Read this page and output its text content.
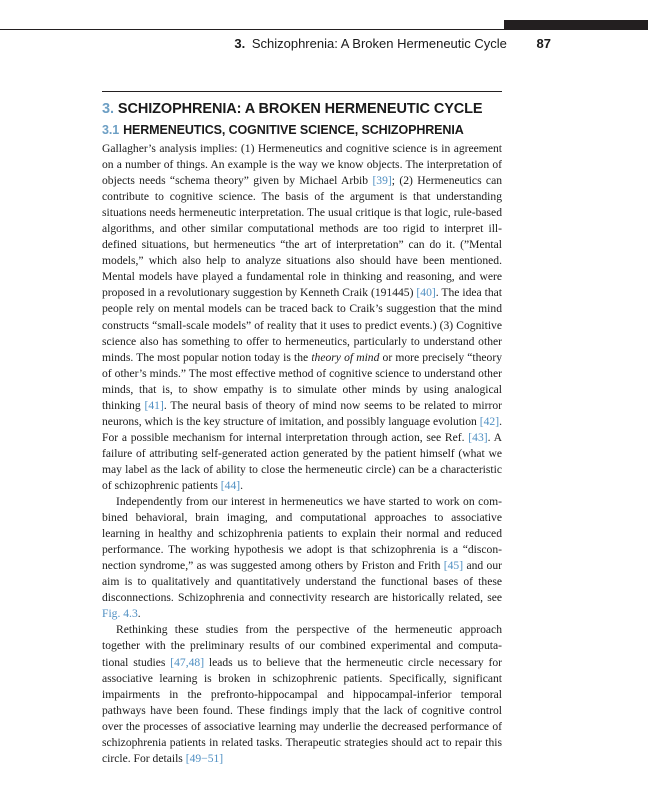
3. Schizophrenia: A Broken Hermeneutic Cycle 87
3. SCHIZOPHRENIA: A BROKEN HERMENEUTIC CYCLE
3.1 HERMENEUTICS, COGNITIVE SCIENCE, SCHIZOPHRENIA

Gallagher’s analysis implies: (1) Hermeneutics and cognitive science is in agreement on a number of things. An example is the way we know objects. The interpretation of objects needs “schema theory” given by Michael Arbib [39]; (2) Hermeneutics can contribute to cognitive science. The basis of the argument is that understanding situations needs hermeneutic interpretation. The usual critique is that logic, rule-based algorithms, and other similar computational methods are too rigid to interpret ill-defined situations, but hermeneutics “the art of interpretation” can do it. (”Mental models,” which also help to analyze situations also should have been mentioned. Mental models have played a fundamental role in thinking and reasoning, and were proposed in a revolutionary suggestion by Kenneth Craik (191445) [40]. The idea that people rely on mental models can be traced back to Craik’s suggestion that the mind constructs “small-scale models” of reality that it uses to predict events.) (3) Cognitive science also has something to offer to hermeneutics, particularly to understand other minds. The most popular notion today is the theory of mind or more precisely “theory of other’s minds.” The most effective method of cognitive science to understand other minds, that is, to show empathy is to simulate other minds by using analogical thinking [41]. The neural basis of theory of mind now seems to be related to mirror neurons, which is the key structure of imitation, and possibly language evolution [42]. For a possible mechanism for internal interpretation through action, see Ref. [43]. A failure of attributing self-generated action generated by the patient himself (what we may label as the lack of ability to close the hermeneutic circle) can be a characteristic of schizophrenic patients [44].

Independently from our interest in hermeneutics we have started to work on combined behavioral, brain imaging, and computational approaches to associative learning in healthy and schizophrenia patients to explain their normal and reduced performance. The working hypothesis we adopt is that schizophrenia is a “disconnection syndrome,” as was suggested among others by Friston and Frith [45] and our aim is to qualitatively and quantitatively understand the functional bases of these disconnections. Schizophrenia and connectivity research are historically related, see Fig. 4.3.

Rethinking these studies from the perspective of the hermeneutic approach together with the preliminary results of our combined experimental and computational studies [47,48] leads us to believe that the hermeneutic circle necessary for associative learning is broken in schizophrenic patients. Specifically, significant impairments in the prefronto-hippocampal and hippocampal-inferior temporal pathways have been found. These findings imply that the lack of cognitive control over the processes of associative learning may underlie the decreased performance of schizophrenia patients in related tasks. Therapeutic strategies should act to repair this circle. For details [49−51]
